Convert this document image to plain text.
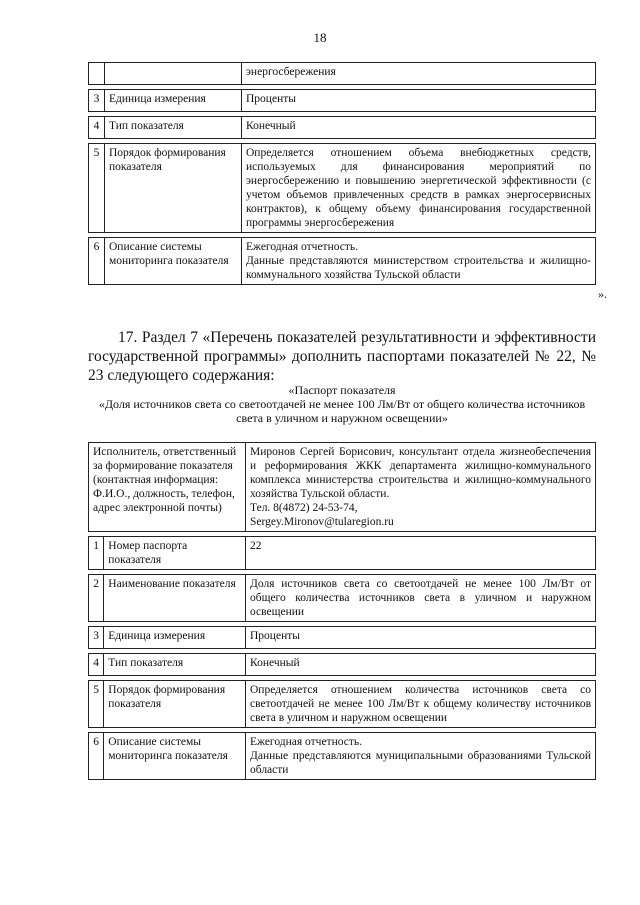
18
		энергосбережения

3	Единица измерения	Проценты

4	Тип показателя	Конечный

5	Порядок формирования показателя	Определяется отношением объема внебюджетных средств, используемых для финансирования мероприятий по энергосбережению и повышению энергетической эффективности (с учетом объемов привлеченных средств в рамках энергосервисных контрактов), к общему объему финансирования государственной программы энергосбережения

6	Описание системы мониторинга показателя	Ежегодная отчетность.
Данные представляются министерством строительства и жилищно-коммунального хозяйства Тульской области
».
17. Раздел 7 «Перечень показателей результативности и эффективности государственной программы» дополнить паспортами показателей № 22, № 23 следующего содержания:
«Паспорт показателя
«Доля источников света со светоотдачей не менее 100 Лм/Вт от общего количества источников света в уличном и наружном освещении»
Исполнитель, ответственный за формирование показателя (контактная информация: Ф.И.О., должность, телефон, адрес электронной почты)		Миронов Сергей Борисович, консультант отдела жизнеобеспечения и реформирования ЖКК департамента жилищно-коммунального комплекса министерства строительства и жилищно-коммунального хозяйства Тульской области.
Тел. 8(4872) 24-53-74,
Sergey.Mironov@tularegion.ru

1	Номер паспорта показателя	22

2	Наименование показателя	Доля источников света со светоотдачей не менее 100 Лм/Вт от общего количества источников света в уличном и наружном освещении

3	Единица измерения	Проценты

4	Тип показателя	Конечный

5	Порядок формирования показателя	Определяется отношением количества источников света со светоотдачей не менее 100 Лм/Вт к общему количеству источников света в уличном и наружном освещении

6	Описание системы мониторинга показателя	Ежегодная отчетность.
Данные представляются муниципальными образованиями Тульской области
